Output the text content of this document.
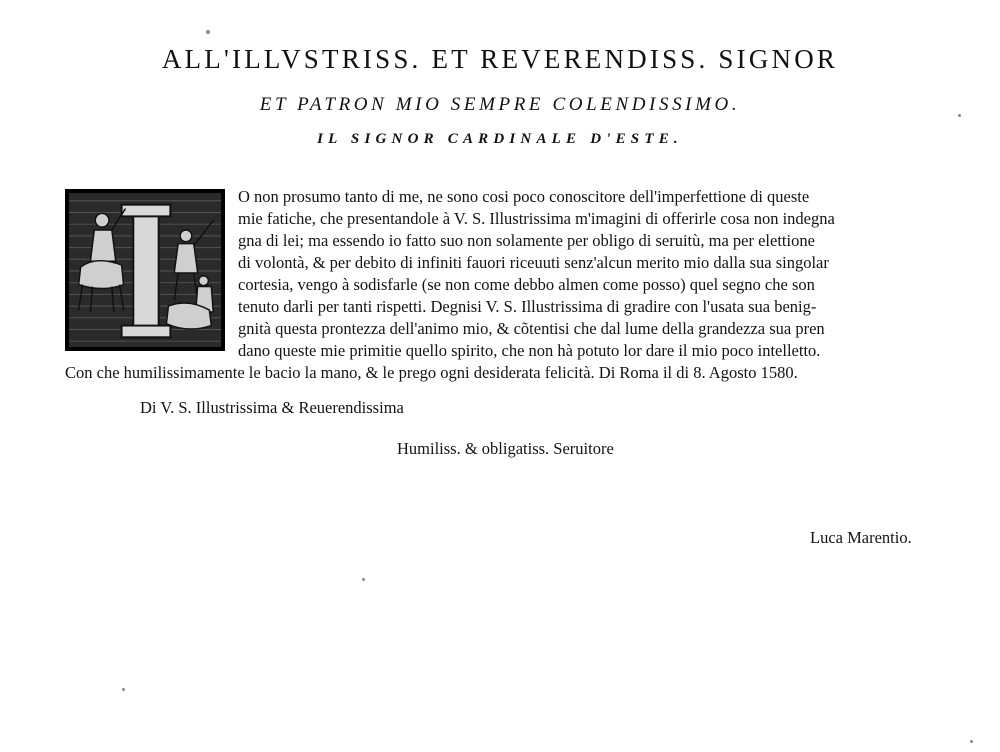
ALL'ILLVSTRISS. ET REVERENDISS. SIGNOR
ET PATRON MIO SEMPRE COLENDISSIMO.
IL SIGNOR CARDINALE D'ESTE.
O non prosumo tanto di me, ne sono cosi poco conoscitore dell'imperfettione di queste
mie fatiche, che presentandole à V. S. Illustrissima m'imagini di offerirle cosa non indegna
gna di lei; ma essendo io fatto suo non solamente per obligo di seruitù, ma per elettione
di volontà, & per debito di infiniti fauori riceuuti senz'alcun merito mio dalla sua singolar
cortesia, vengo à sodisfarle (se non come debbo almen come posso) quel segno che son
tenuto darli per tanti rispetti. Degnisi V. S. Illustrissima di gradire con l'usata sua benig-
gnità questa prontezza dell'animo mio, & cõtentisi che dal lume della grandezza sua pren
dano queste mie primitie quello spirito, che non hà potuto lor dare il mio poco intelletto.
Con che humilissimamente le bacio la mano, & le prego ogni desiderata felicità. Di Roma il di 8. Agosto 1580.
Di V. S. Illustrissima & Reuerendissima
Humiliss. & obligatiss. Seruitore
Luca Marentio.
